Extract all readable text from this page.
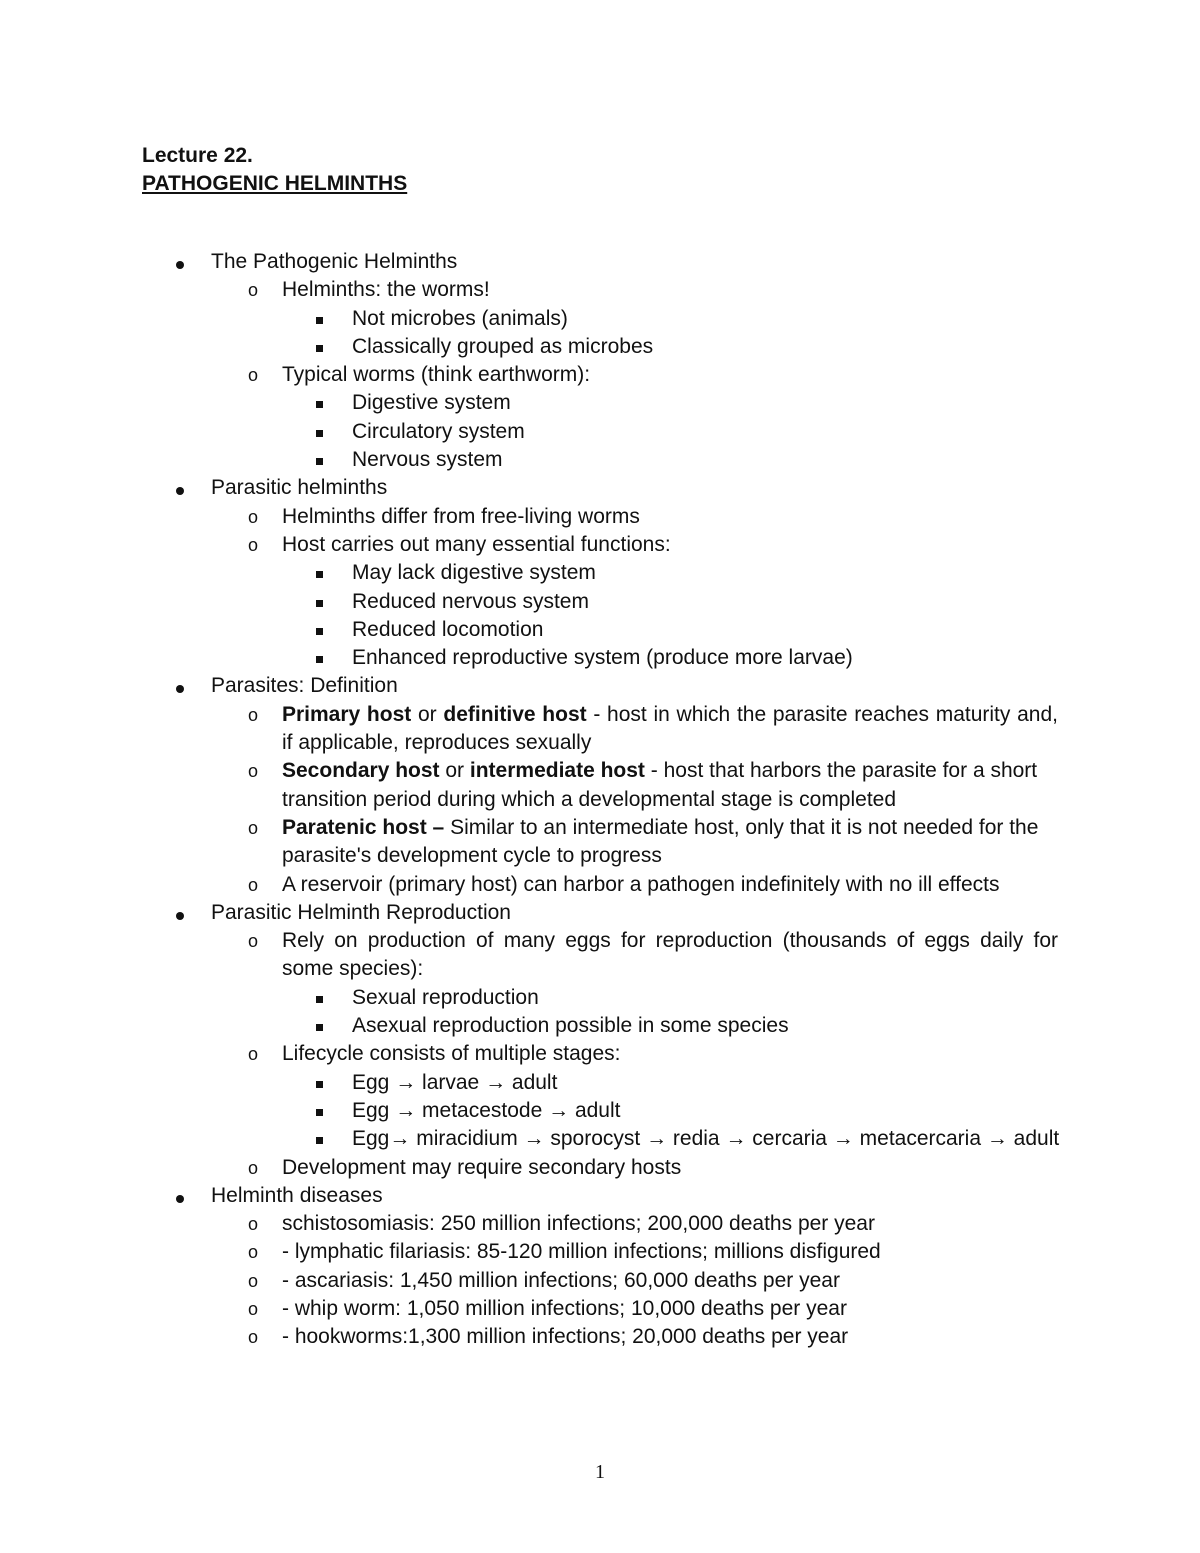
Lecture 22.
PATHOGENIC HELMINTHS
The Pathogenic Helminths
o	Helminths: the worms!
Not microbes (animals)
Classically grouped as microbes
o	Typical worms (think earthworm):
Digestive system
Circulatory system
Nervous system
Parasitic helminths
o	Helminths differ from free-living worms
o	Host carries out many essential functions:
May lack digestive system
Reduced nervous system
Reduced locomotion
Enhanced reproductive system (produce more larvae)
Parasites: Definition
o	Primary host or definitive host - host in which the parasite reaches maturity and, if applicable, reproduces sexually
o	Secondary host or intermediate host - host that harbors the parasite for a short transition period during which a developmental stage is completed
o	Paratenic host – Similar to an intermediate host, only that it is not needed for the parasite's development cycle to progress
o	A reservoir (primary host) can harbor a pathogen indefinitely with no ill effects
Parasitic Helminth Reproduction
o	Rely on production of many eggs for reproduction (thousands of eggs daily for some species):
Sexual reproduction
Asexual reproduction possible in some species
o	Lifecycle consists of multiple stages:
Egg → larvae → adult
Egg → metacestode → adult
Egg→ miracidium → sporocyst → redia → cercaria → metacercaria → adult
o	Development may require secondary hosts
Helminth diseases
o	schistosomiasis: 250 million infections; 200,000 deaths per year
o	- lymphatic filariasis: 85-120 million infections; millions disfigured
o	- ascariasis: 1,450 million infections; 60,000 deaths per year
o	- whip worm: 1,050 million infections; 10,000 deaths per year
o	- hookworms:1,300 million infections; 20,000 deaths per year
1
